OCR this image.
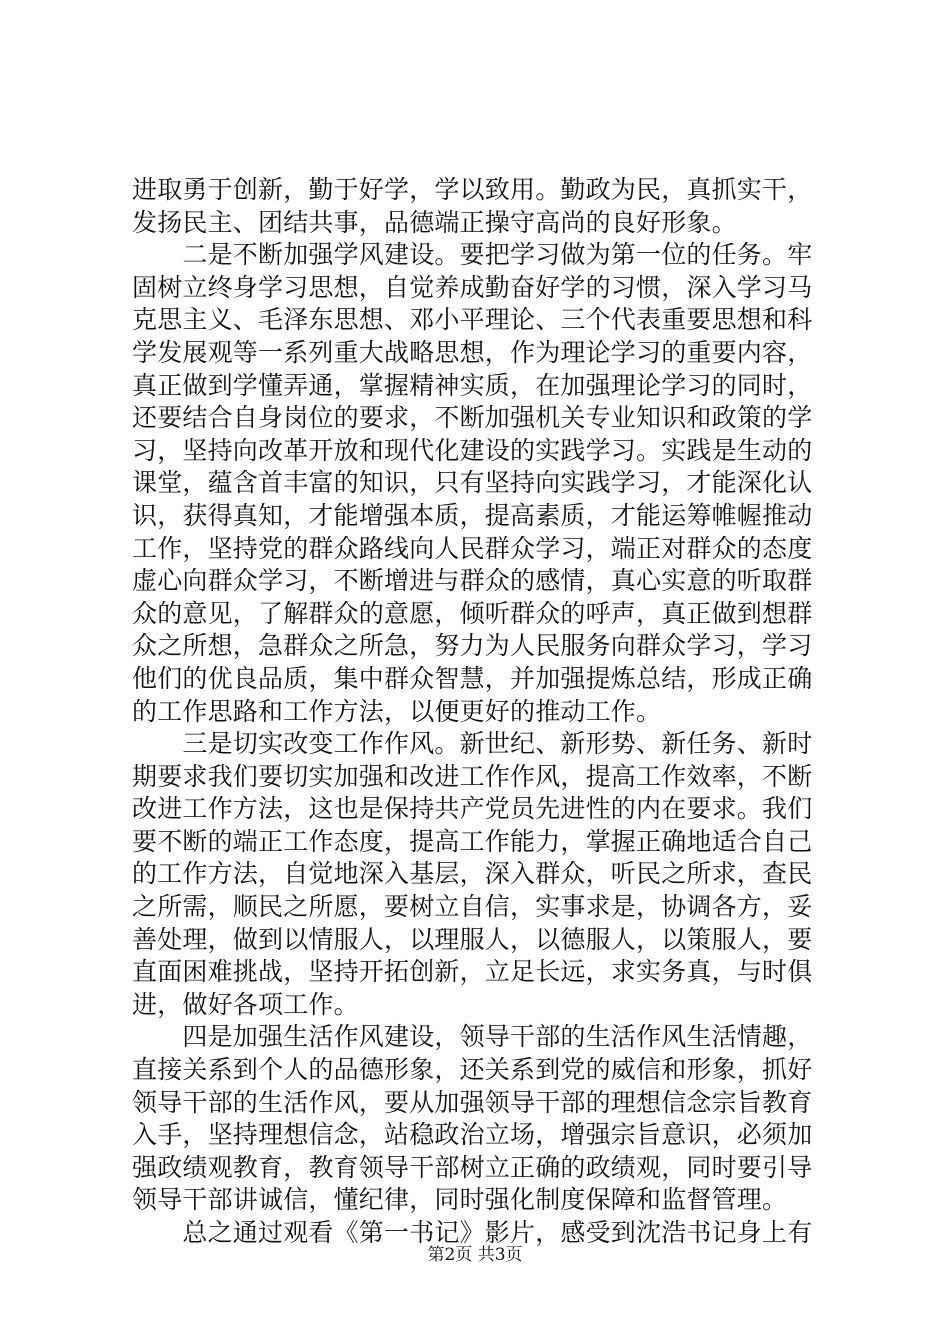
进取勇于创新，勤于好学，学以致用。勤政为民，真抓实干，
发扬民主、团结共事，品德端正操守高尚的良好形象。
　　二是不断加强学风建设。要把学习做为第一位的任务。牢
固树立终身学习思想，自觉养成勤奋好学的习惯，深入学习马
克思主义、毛泽东思想、邓小平理论、三个代表重要思想和科
学发展观等一系列重大战略思想，作为理论学习的重要内容，
真正做到学懂弄通，掌握精神实质，在加强理论学习的同时，
还要结合自身岗位的要求，不断加强机关专业知识和政策的学
习，坚持向改革开放和现代化建设的实践学习。实践是生动的
课堂，蕴含首丰富的知识，只有坚持向实践学习，才能深化认
识，获得真知，才能增强本质，提高素质，才能运筹帷幄推动
工作，坚持党的群众路线向人民群众学习，端正对群众的态度
虚心向群众学习，不断增进与群众的感情，真心实意的听取群
众的意见，了解群众的意愿，倾听群众的呼声，真正做到想群
众之所想，急群众之所急，努力为人民服务向群众学习，学习
他们的优良品质，集中群众智慧，并加强提炼总结，形成正确
的工作思路和工作方法，以便更好的推动工作。
　　三是切实改变工作作风。新世纪、新形势、新任务、新时
期要求我们要切实加强和改进工作作风，提高工作效率，不断
改进工作方法，这也是保持共产党员先进性的内在要求。我们
要不断的端正工作态度，提高工作能力，掌握正确地适合自己
的工作方法，自觉地深入基层，深入群众，听民之所求，查民
之所需，顺民之所愿，要树立自信，实事求是，协调各方，妥
善处理，做到以情服人，以理服人，以德服人，以策服人，要
直面困难挑战，坚持开拓创新，立足长远，求实务真，与时俱
进，做好各项工作。
　　四是加强生活作风建设，领导干部的生活作风生活情趣，
直接关系到个人的品德形象，还关系到党的威信和形象，抓好
领导干部的生活作风，要从加强领导干部的理想信念宗旨教育
入手，坚持理想信念，站稳政治立场，增强宗旨意识，必须加
强政绩观教育，教育领导干部树立正确的政绩观，同时要引导
领导干部讲诚信，懂纪律，同时强化制度保障和监督管理。
　　总之通过观看《第一书记》影片，感受到沈浩书记身上有
第2页 共3页
